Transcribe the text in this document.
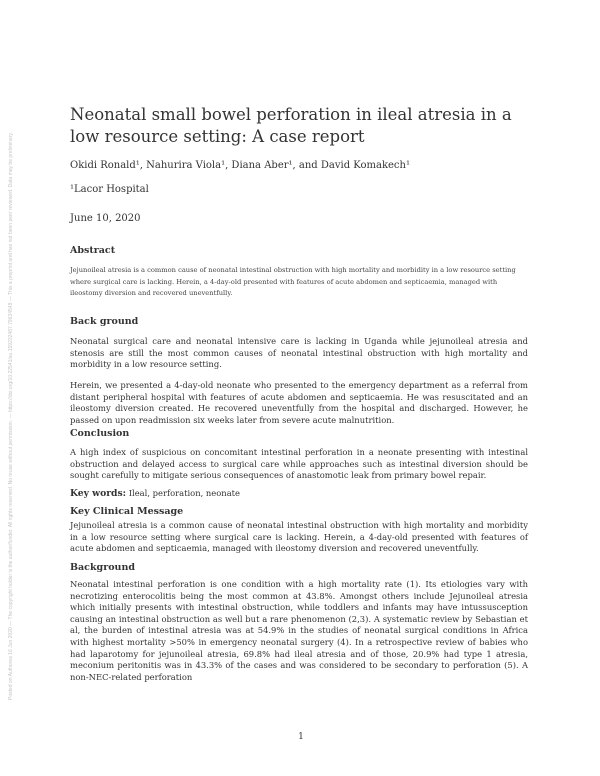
Posted on Authorea 16 Jun 2020 — The copyright holder is the author/funder. All rights reserved. No reuse without permission. — https://doi.org/10.22541/au.159232487.79634549 — This a preprint and has not been peer reviewed. Data may be preliminary.
Neonatal small bowel perforation in ileal atresia in a low resource setting: A case report
Okidi Ronald¹, Nahurira Viola¹, Diana Aber¹, and David Komakech¹
¹Lacor Hospital
June 10, 2020
Abstract

Jejunoileal atresia is a common cause of neonatal intestinal obstruction with high mortality and morbidity in a low resource setting where surgical care is lacking. Herein, a 4-day-old presented with features of acute abdomen and septicaemia, managed with ileostomy diversion and recovered uneventfully.

Back ground

Neonatal surgical care and neonatal intensive care is lacking in Uganda while jejunoileal atresia and stenosis are still the most common causes of neonatal intestinal obstruction with high mortality and morbidity in a low resource setting.

Herein, we presented a 4-day-old neonate who presented to the emergency department as a referral from distant peripheral hospital with features of acute abdomen and septicaemia. He was resuscitated and an ileostomy diversion created. He recovered uneventfully from the hospital and discharged. However, he passed on upon readmission six weeks later from severe acute malnutrition.

Conclusion

A high index of suspicious on concomitant intestinal perforation in a neonate presenting with intestinal obstruction and delayed access to surgical care while approaches such as intestinal diversion should be sought carefully to mitigate serious consequences of anastomotic leak from primary bowel repair.

Key words: Ileal, perforation, neonate
Key Clinical Message

Jejunoileal atresia is a common cause of neonatal intestinal obstruction with high mortality and morbidity in a low resource setting where surgical care is lacking. Herein, a 4-day-old presented with features of acute abdomen and septicaemia, managed with ileostomy diversion and recovered uneventfully.

Background

Neonatal intestinal perforation is one condition with a high mortality rate (1). Its etiologies vary with necrotizing enterocolitis being the most common at 43.8%. Amongst others include Jejunoileal atresia which initially presents with intestinal obstruction, while toddlers and infants may have intussusception causing an intestinal obstruction as well but a rare phenomenon (2,3). A systematic review by Sebastian et al, the burden of intestinal atresia was at 54.9% in the studies of neonatal surgical conditions in Africa with highest mortality >50% in emergency neonatal surgery (4). In a retrospective review of babies who had laparotomy for jejunoileal atresia, 69.8% had ileal atresia and of those, 20.9% had type 1 atresia, meconium peritonitis was in 43.3% of the cases and was considered to be secondary to perforation (5). A non-NEC-related perforation

1
